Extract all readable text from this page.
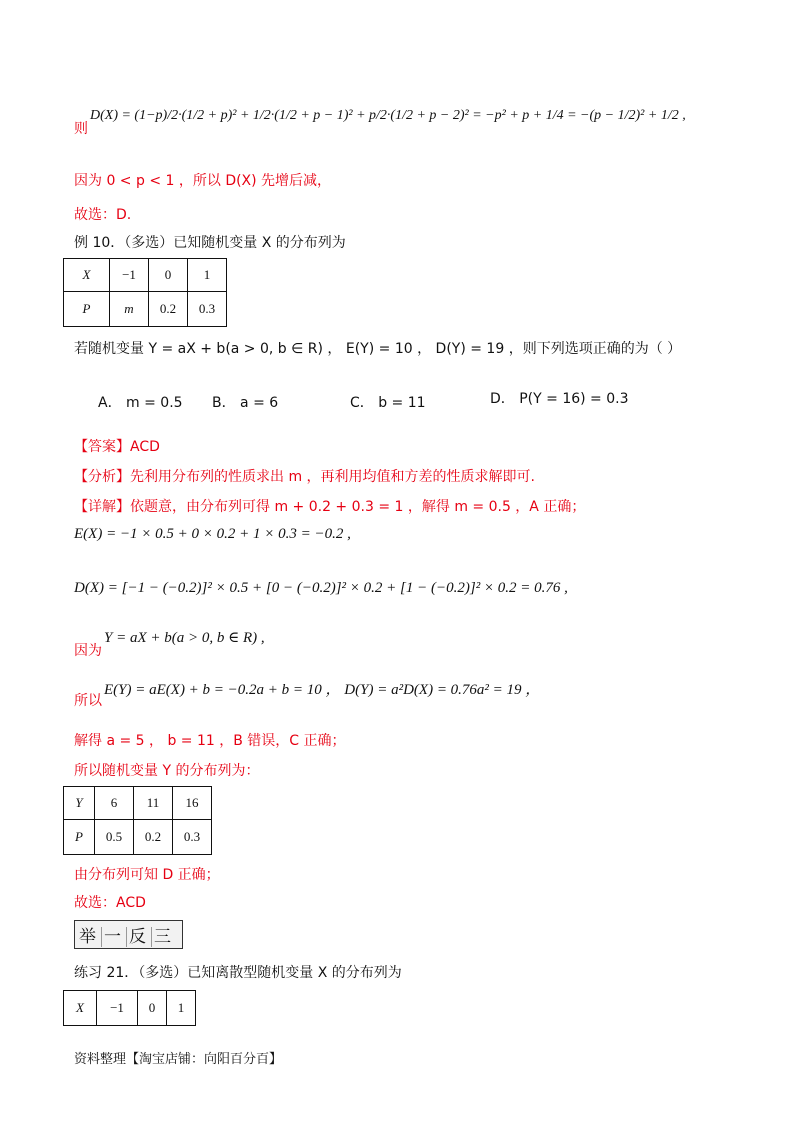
则
D(X) = (1−p)/2·(1/2 + p)² + 1/2·(1/2 + p − 1)² + p/2·(1/2 + p − 2)² = −p² + p + 1/4 = −(p − 1/2)² + 1/2 ,
因为 0 < p < 1 ，所以 D(X) 先增后减，
故选：D.
例 10．（多选）已知随机变量 X 的分布列为
X	−1	0	1
P	m	0.2	0.3
若随机变量 Y = aX + b(a > 0, b ∈ R) ， E(Y) = 10 ， D(Y) = 19 ，则下列选项正确的为（ ）
A． m = 0.5 B． a = 6	C． b = 11	D． P(Y = 16) = 0.3
【答案】ACD
【分析】先利用分布列的性质求出 m ，再利用均值和方差的性质求解即可.
【详解】依题意，由分布列可得 m + 0.2 + 0.3 = 1 ，解得 m = 0.5 ，A 正确；
E(X) = −1 × 0.5 + 0 × 0.2 + 1 × 0.3 = −0.2 ,
D(X) = [−1 − (−0.2)]² × 0.5 + [0 − (−0.2)]² × 0.2 + [1 − (−0.2)]² × 0.2 = 0.76 ,
因为
Y = aX + b(a > 0, b ∈ R) ,
所以
E(Y) = aE(X) + b = −0.2a + b = 10 ， D(Y) = a²D(X) = 0.76a² = 19 ，
解得 a = 5 ， b = 11 ，B 错误，C 正确；
所以随机变量 Y 的分布列为：
Y	6	11	16
P	0.5	0.2	0.3
由分布列可知 D 正确；
故选：ACD
举 一 反 三
练习 21．（多选）已知离散型随机变量 X 的分布列为
X	−1	0	1
资料整理【淘宝店铺：向阳百分百】
